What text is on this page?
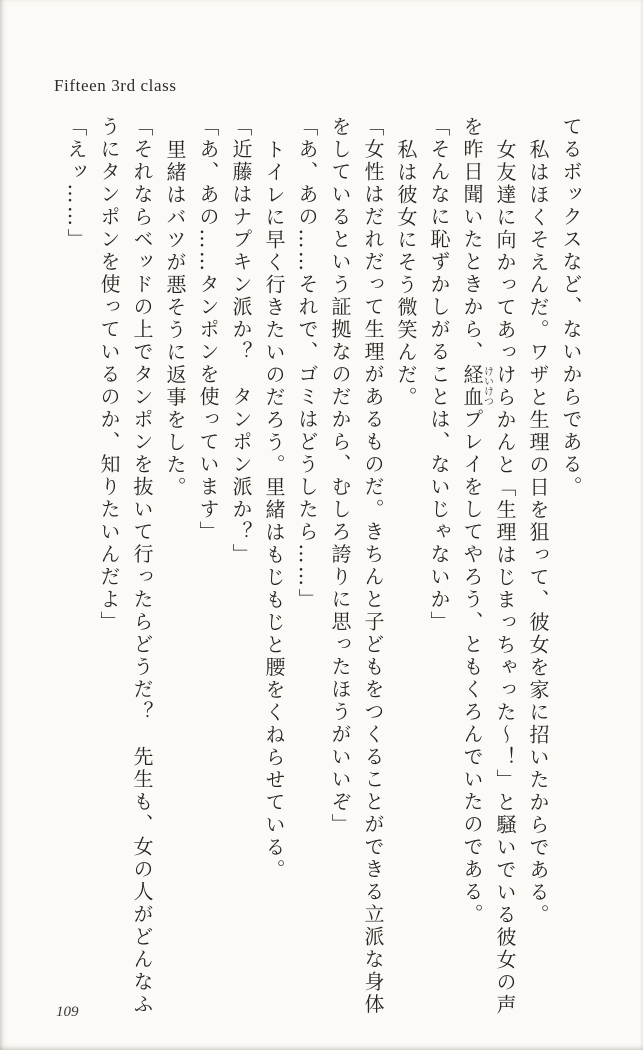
Fifteen 3rd class

てるボックスなど、ないからである。

私はほくそえんだ。ワザと生理の日を狙って、彼女を家に招いたからである。

女友達に向かってあっけらかんと「生理はじまっちゃった～！」と騒いでいる彼女の声を昨日聞いたときから、経血けいけつプレイをしてやろう、ともくろんでいたのである。

「そんなに恥ずかしがることは、ないじゃないか」

私は彼女にそう微笑んだ。

「女性はだれだって生理があるものだ。きちんと子どもをつくることができる立派な身体をしているという証拠なのだから、むしろ誇りに思ったほうがいいぞ」

「あ、あの……それで、ゴミはどうしたら……」

トイレに早く行きたいのだろう。里緒はもじもじと腰をくねらせている。

「近藤はナプキン派か？　タンポン派か？」

「あ、あの……タンポンを使っています」

里緒はバツが悪そうに返事をした。

「それならベッドの上でタンポンを抜いて行ったらどうだ？　先生も、女の人がどんなふうにタンポンを使っているのか、知りたいんだよ」

「えッ……」

109
